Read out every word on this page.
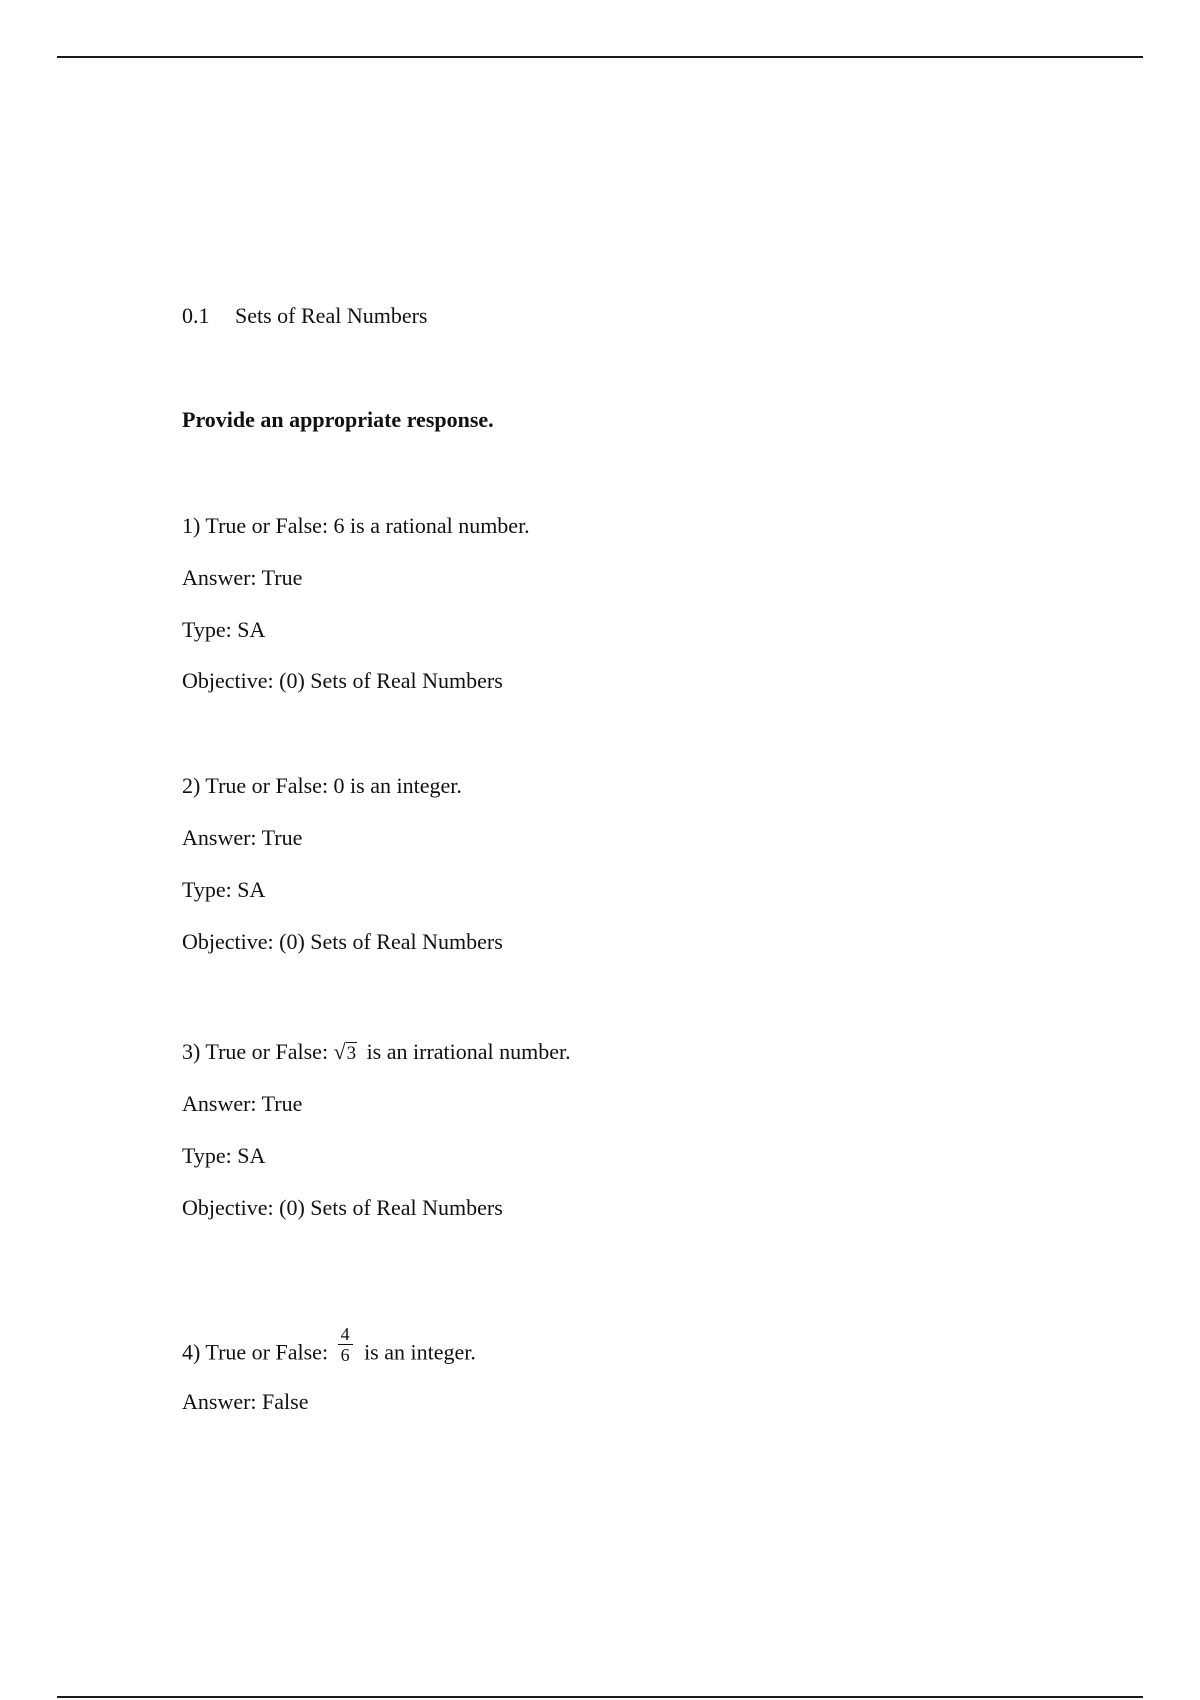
0.1 Sets of Real Numbers
Provide an appropriate response.
1) True or False: 6 is a rational number.
Answer: True
Type: SA
Objective: (0) Sets of Real Numbers
2) True or False: 0 is an integer.
Answer: True
Type: SA
Objective: (0) Sets of Real Numbers
3) True or False: √ 3 is an irrational number.
Answer: True
Type: SA
Objective: (0) Sets of Real Numbers
4) True or False: $\frac{4}{6}$ is an integer.
Answer: False
